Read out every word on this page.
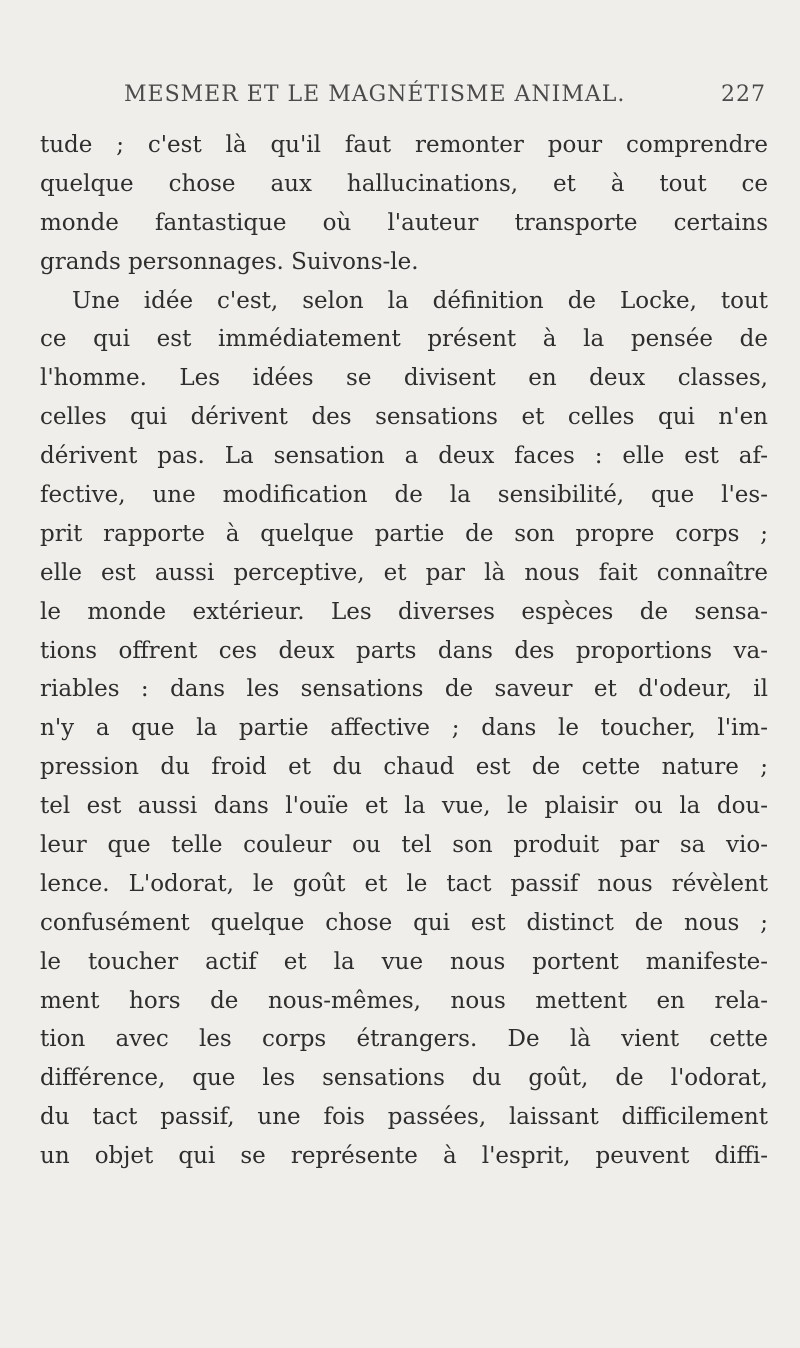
MESMER ET LE MAGNÉTISME ANIMAL.	227
tude ; c'est là qu'il faut remonter pour comprendre
quelque chose aux hallucinations, et à tout ce
monde fantastique où l'auteur transporte certains
grands personnages. Suivons-le.
Une idée c'est, selon la définition de Locke, tout
ce qui est immédiatement présent à la pensée de
l'homme. Les idées se divisent en deux classes,
celles qui dérivent des sensations et celles qui n'en
dérivent pas. La sensation a deux faces : elle est af-
fective, une modification de la sensibilité, que l'es-
prit rapporte à quelque partie de son propre corps ;
elle est aussi perceptive, et par là nous fait connaître
le monde extérieur. Les diverses espèces de sensa-
tions offrent ces deux parts dans des proportions va-
riables : dans les sensations de saveur et d'odeur, il
n'y a que la partie affective ; dans le toucher, l'im-
pression du froid et du chaud est de cette nature ;
tel est aussi dans l'ouïe et la vue, le plaisir ou la dou-
leur que telle couleur ou tel son produit par sa vio-
lence. L'odorat, le goût et le tact passif nous révèlent
confusément quelque chose qui est distinct de nous ;
le toucher actif et la vue nous portent manifeste-
ment hors de nous-mêmes, nous mettent en rela-
tion avec les corps étrangers. De là vient cette
différence, que les sensations du goût, de l'odorat,
du tact passif, une fois passées, laissant difficilement
un objet qui se représente à l'esprit, peuvent diffi-
